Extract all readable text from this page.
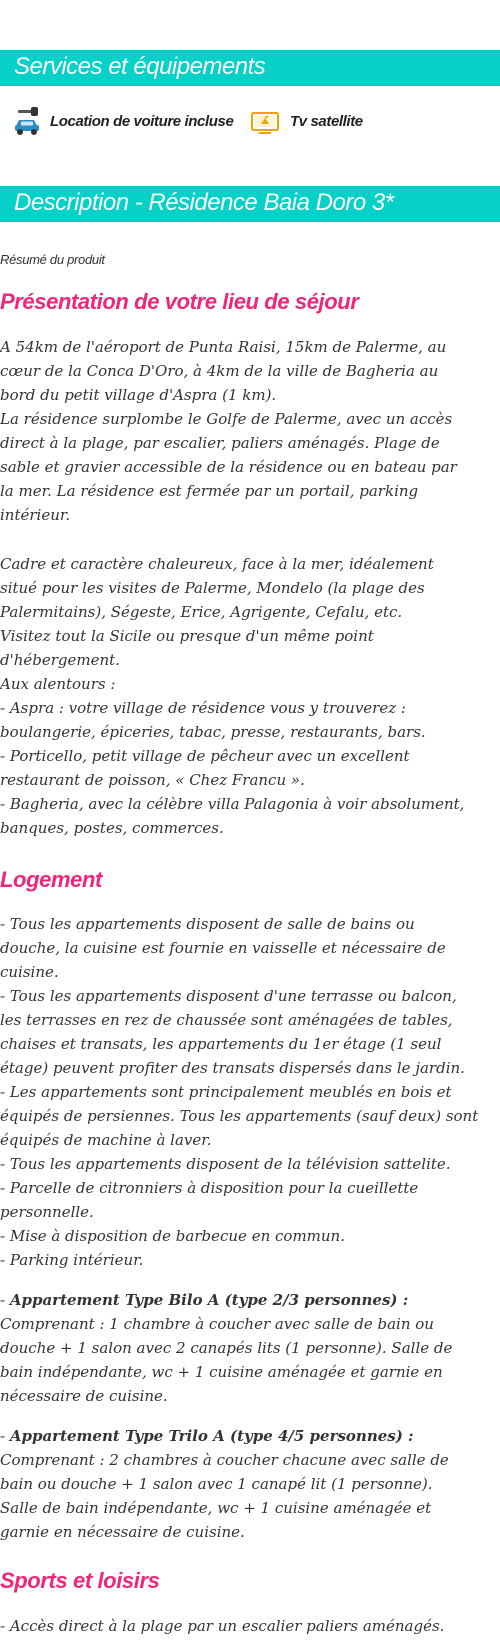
Services et équipements
Location de voiture incluse	Tv satellite
Description - Résidence Baia Doro 3*
Résumé du produit
Présentation de votre lieu de séjour
A 54km de l'aéroport de Punta Raisi, 15km de Palerme, au
cœur de la Conca D'Oro, à 4km de la ville de Bagheria au
bord du petit village d'Aspra (1 km).
La résidence surplombe le Golfe de Palerme, avec un accès
direct à la plage, par escalier, paliers aménagés. Plage de
sable et gravier accessible de la résidence ou en bateau par
la mer. La résidence est fermée par un portail, parking
intérieur.
Cadre et caractère chaleureux, face à la mer, idéalement
situé pour les visites de Palerme, Mondelo (la plage des
Palermitains), Ségeste, Erice, Agrigente, Cefalu, etc.
Visitez tout la Sicile ou presque d'un même point
d'hébergement.
Aux alentours :
- Aspra : votre village de résidence vous y trouverez :
boulangerie, épiceries, tabac, presse, restaurants, bars.
- Porticello, petit village de pêcheur avec un excellent
restaurant de poisson, « Chez Francu ».
- Bagheria, avec la célèbre villa Palagonia à voir absolument,
banques, postes, commerces.
Logement
- Tous les appartements disposent de salle de bains ou
douche, la cuisine est fournie en vaisselle et nécessaire de
cuisine.
- Tous les appartements disposent d'une terrasse ou balcon,
les terrasses en rez de chaussée sont aménagées de tables,
chaises et transats, les appartements du 1er étage (1 seul
étage) peuvent profiter des transats dispersés dans le jardin.
- Les appartements sont principalement meublés en bois et
équipés de persiennes. Tous les appartements (sauf deux) sont
équipés de machine à laver.
- Tous les appartements disposent de la télévision sattelite.
- Parcelle de citronniers à disposition pour la cueillette
personnelle.
- Mise à disposition de barbecue en commun.
- Parking intérieur.
- Appartement Type Bilo A (type 2/3 personnes) :
Comprenant : 1 chambre à coucher avec salle de bain ou
douche + 1 salon avec 2 canapés lits (1 personne). Salle de
bain indépendante, wc + 1 cuisine aménagée et garnie en
nécessaire de cuisine.
- Appartement Type Trilo A (type 4/5 personnes) :
Comprenant : 2 chambres à coucher chacune avec salle de
bain ou douche + 1 salon avec 1 canapé lit (1 personne).
Salle de bain indépendante, wc + 1 cuisine aménagée et
garnie en nécessaire de cuisine.
Sports et loisirs
- Accès direct à la plage par un escalier paliers aménagés.
